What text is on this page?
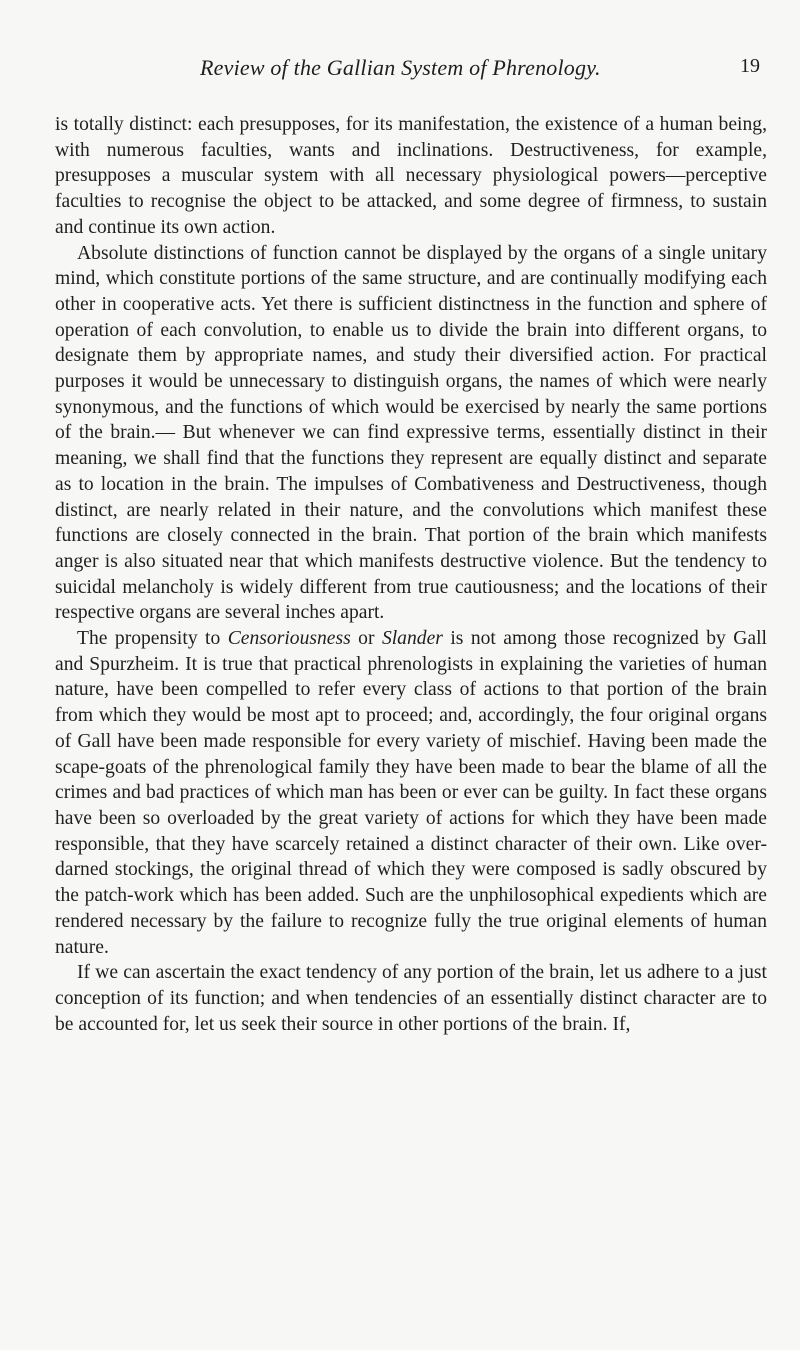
Review of the Gallian System of Phrenology.	19

is totally distinct: each presupposes, for its manifestation, the existence of a human being, with numerous faculties, wants and inclinations. Destructiveness, for example, presupposes a muscular system with all necessary physiological powers—perceptive faculties to recognise the object to be attacked, and some degree of firmness, to sustain and continue its own action.

Absolute distinctions of function cannot be displayed by the organs of a single unitary mind, which constitute portions of the same structure, and are continually modifying each other in cooperative acts. Yet there is sufficient distinctness in the function and sphere of operation of each convolution, to enable us to divide the brain into different organs, to designate them by appropriate names, and study their diversified action. For practical purposes it would be unnecessary to distinguish organs, the names of which were nearly synonymous, and the functions of which would be exercised by nearly the same portions of the brain.— But whenever we can find expressive terms, essentially distinct in their meaning, we shall find that the functions they represent are equally distinct and separate as to location in the brain. The impulses of Combativeness and Destructiveness, though distinct, are nearly related in their nature, and the convolutions which manifest these functions are closely connected in the brain. That portion of the brain which manifests anger is also situated near that which manifests destructive violence. But the tendency to suicidal melancholy is widely different from true cautiousness; and the locations of their respective organs are several inches apart.

The propensity to Censoriousness or Slander is not among those recognized by Gall and Spurzheim. It is true that practical phrenologists in explaining the varieties of human nature, have been compelled to refer every class of actions to that portion of the brain from which they would be most apt to proceed; and, accordingly, the four original organs of Gall have been made responsible for every variety of mischief. Having been made the scape-goats of the phrenological family they have been made to bear the blame of all the crimes and bad practices of which man has been or ever can be guilty. In fact these organs have been so overloaded by the great variety of actions for which they have been made responsible, that they have scarcely retained a distinct character of their own. Like over-darned stockings, the original thread of which they were composed is sadly obscured by the patch-work which has been added. Such are the unphilosophical expedients which are rendered necessary by the failure to recognize fully the true original elements of human nature.

If we can ascertain the exact tendency of any portion of the brain, let us adhere to a just conception of its function; and when tendencies of an essentially distinct character are to be accounted for, let us seek their source in other portions of the brain. If,
